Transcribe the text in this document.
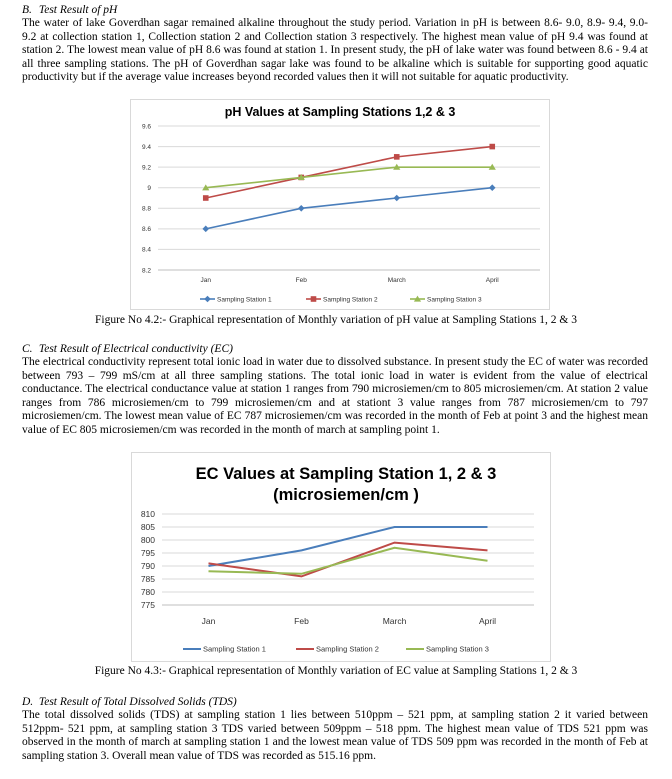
B. Test Result of pH

The water of lake Goverdhan sagar remained alkaline throughout the study period. Variation in pH is between 8.6- 9.0, 8.9- 9.4, 9.0- 9.2 at collection station 1, Collection station 2 and Collection station 3 respectively. The highest mean value of pH 9.4 was found at station 2. The lowest mean value of pH 8.6 was found at station 1. In present study, the pH of lake water was found between 8.6 - 9.4 at all three sampling stations. The pH of Goverdhan sagar lake was found to be alkaline which is suitable for supporting good aquatic productivity but if the average value increases beyond recorded values then it will not suitable for aquatic productivity.

pH Values at Sampling Stations 1,2 & 3
8.2
8.4
8.6
8.8
9
9.2
9.4
9.6
Jan	Feb	March	April
Sampling Station 1	Sampling Station 2	Sampling Station 3
Figure No 4.2:- Graphical representation of Monthly variation of pH value at Sampling Stations 1, 2 & 3
C. Test Result of Electrical conductivity (EC)

The electrical conductivity represent total ionic load in water due to dissolved substance. In present study the EC of water was recorded between 793 – 799 mS/cm at all three sampling stations. The total ionic load in water is evident from the value of electrical conductance. The electrical conductance value at station 1 ranges from 790 microsiemen/cm to 805 microsiemen/cm. At station 2 value ranges from 786 microsiemen/cm to 799 microsiemen/cm and at stationt 3 value ranges from 787 microsiemen/cm to 797 microsiemen/cm. The lowest mean value of EC 787 microsiemen/cm was recorded in the month of Feb at point 3 and the highest mean value of EC 805 microsiemen/cm was recorded in the month of march at sampling point 1.

EC Values at Sampling Station 1, 2 & 3
(microsiemen/cm )
775
780
785
790
795
800
805
810
Jan	Feb	March	April
Sampling Station 1	Sampling Station 2	Sampling Station 3
Figure No 4.3:- Graphical representation of Monthly variation of EC value at Sampling Stations 1, 2 & 3
D. Test Result of Total Dissolved Solids (TDS)

The total dissolved solids (TDS) at sampling station 1 lies between 510ppm – 521 ppm, at sampling station 2 it varied between 512ppm- 521 ppm, at sampling station 3 TDS varied between 509ppm – 518 ppm. The highest mean value of TDS 521 ppm was observed in the month of march at sampling station 1 and the lowest mean value of TDS 509 ppm was recorded in the month of Feb at sampling station 3. Overall mean value of TDS was recorded as 515.16 ppm.
